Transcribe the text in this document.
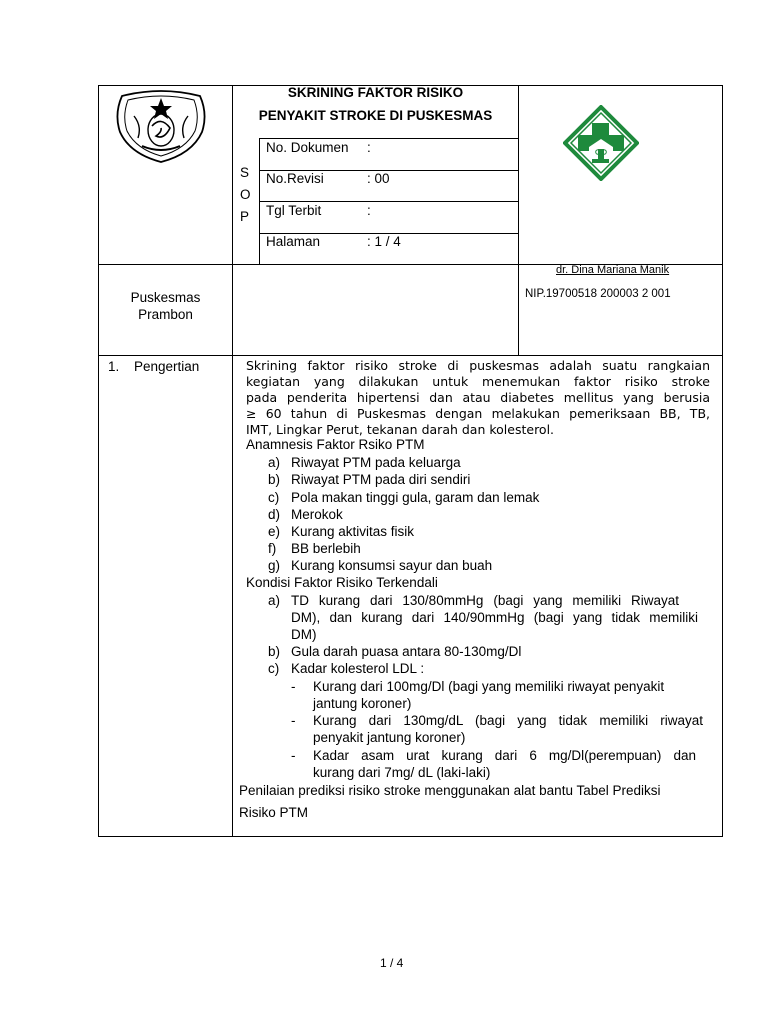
SKRINING FAKTOR RISIKO
PENYAKIT STROKE DI PUSKESMAS
S
O
P
No. Dokumen :
No.Revisi	: 00
Tgl Terbit	:
Halaman	: 1 / 4
Puskesmas
Prambon
dr. Dina Mariana Manik
NIP.19700518 200003 2 001
1. Pengertian	Skrining faktor risiko stroke di puskesmas adalah suatu rangkaian
kegiatan yang dilakukan untuk menemukan faktor risiko stroke
pada penderita hipertensi dan atau diabetes mellitus yang berusia
≥ 60 tahun di Puskesmas dengan melakukan pemeriksaan BB, TB,
IMT, Lingkar Perut, tekanan darah dan kolesterol.
Anamnesis Faktor Rsiko PTM
a) Riwayat PTM pada keluarga
b) Riwayat PTM pada diri sendiri
c) Pola makan tinggi gula, garam dan lemak
d) Merokok
e) Kurang aktivitas fisik
f) BB berlebih
g) Kurang konsumsi sayur dan buah
Kondisi Faktor Risiko Terkendali
a) TD kurang dari 130/80mmHg (bagi yang memiliki Riwayat
DM), dan kurang dari 140/90mmHg (bagi yang tidak memiliki
DM)
b) Gula darah puasa antara 80-130mg/Dl
c) Kadar kolesterol LDL :
- Kurang dari 100mg/Dl (bagi yang memiliki riwayat penyakit
jantung koroner)
- Kurang dari 130mg/dL (bagi yang tidak memiliki riwayat
penyakit jantung koroner)
- Kadar asam urat kurang dari 6 mg/Dl(perempuan) dan
kurang dari 7mg/ dL (laki-laki)
Penilaian prediksi risiko stroke menggunakan alat bantu Tabel Prediksi
Risiko PTM
1 / 4
